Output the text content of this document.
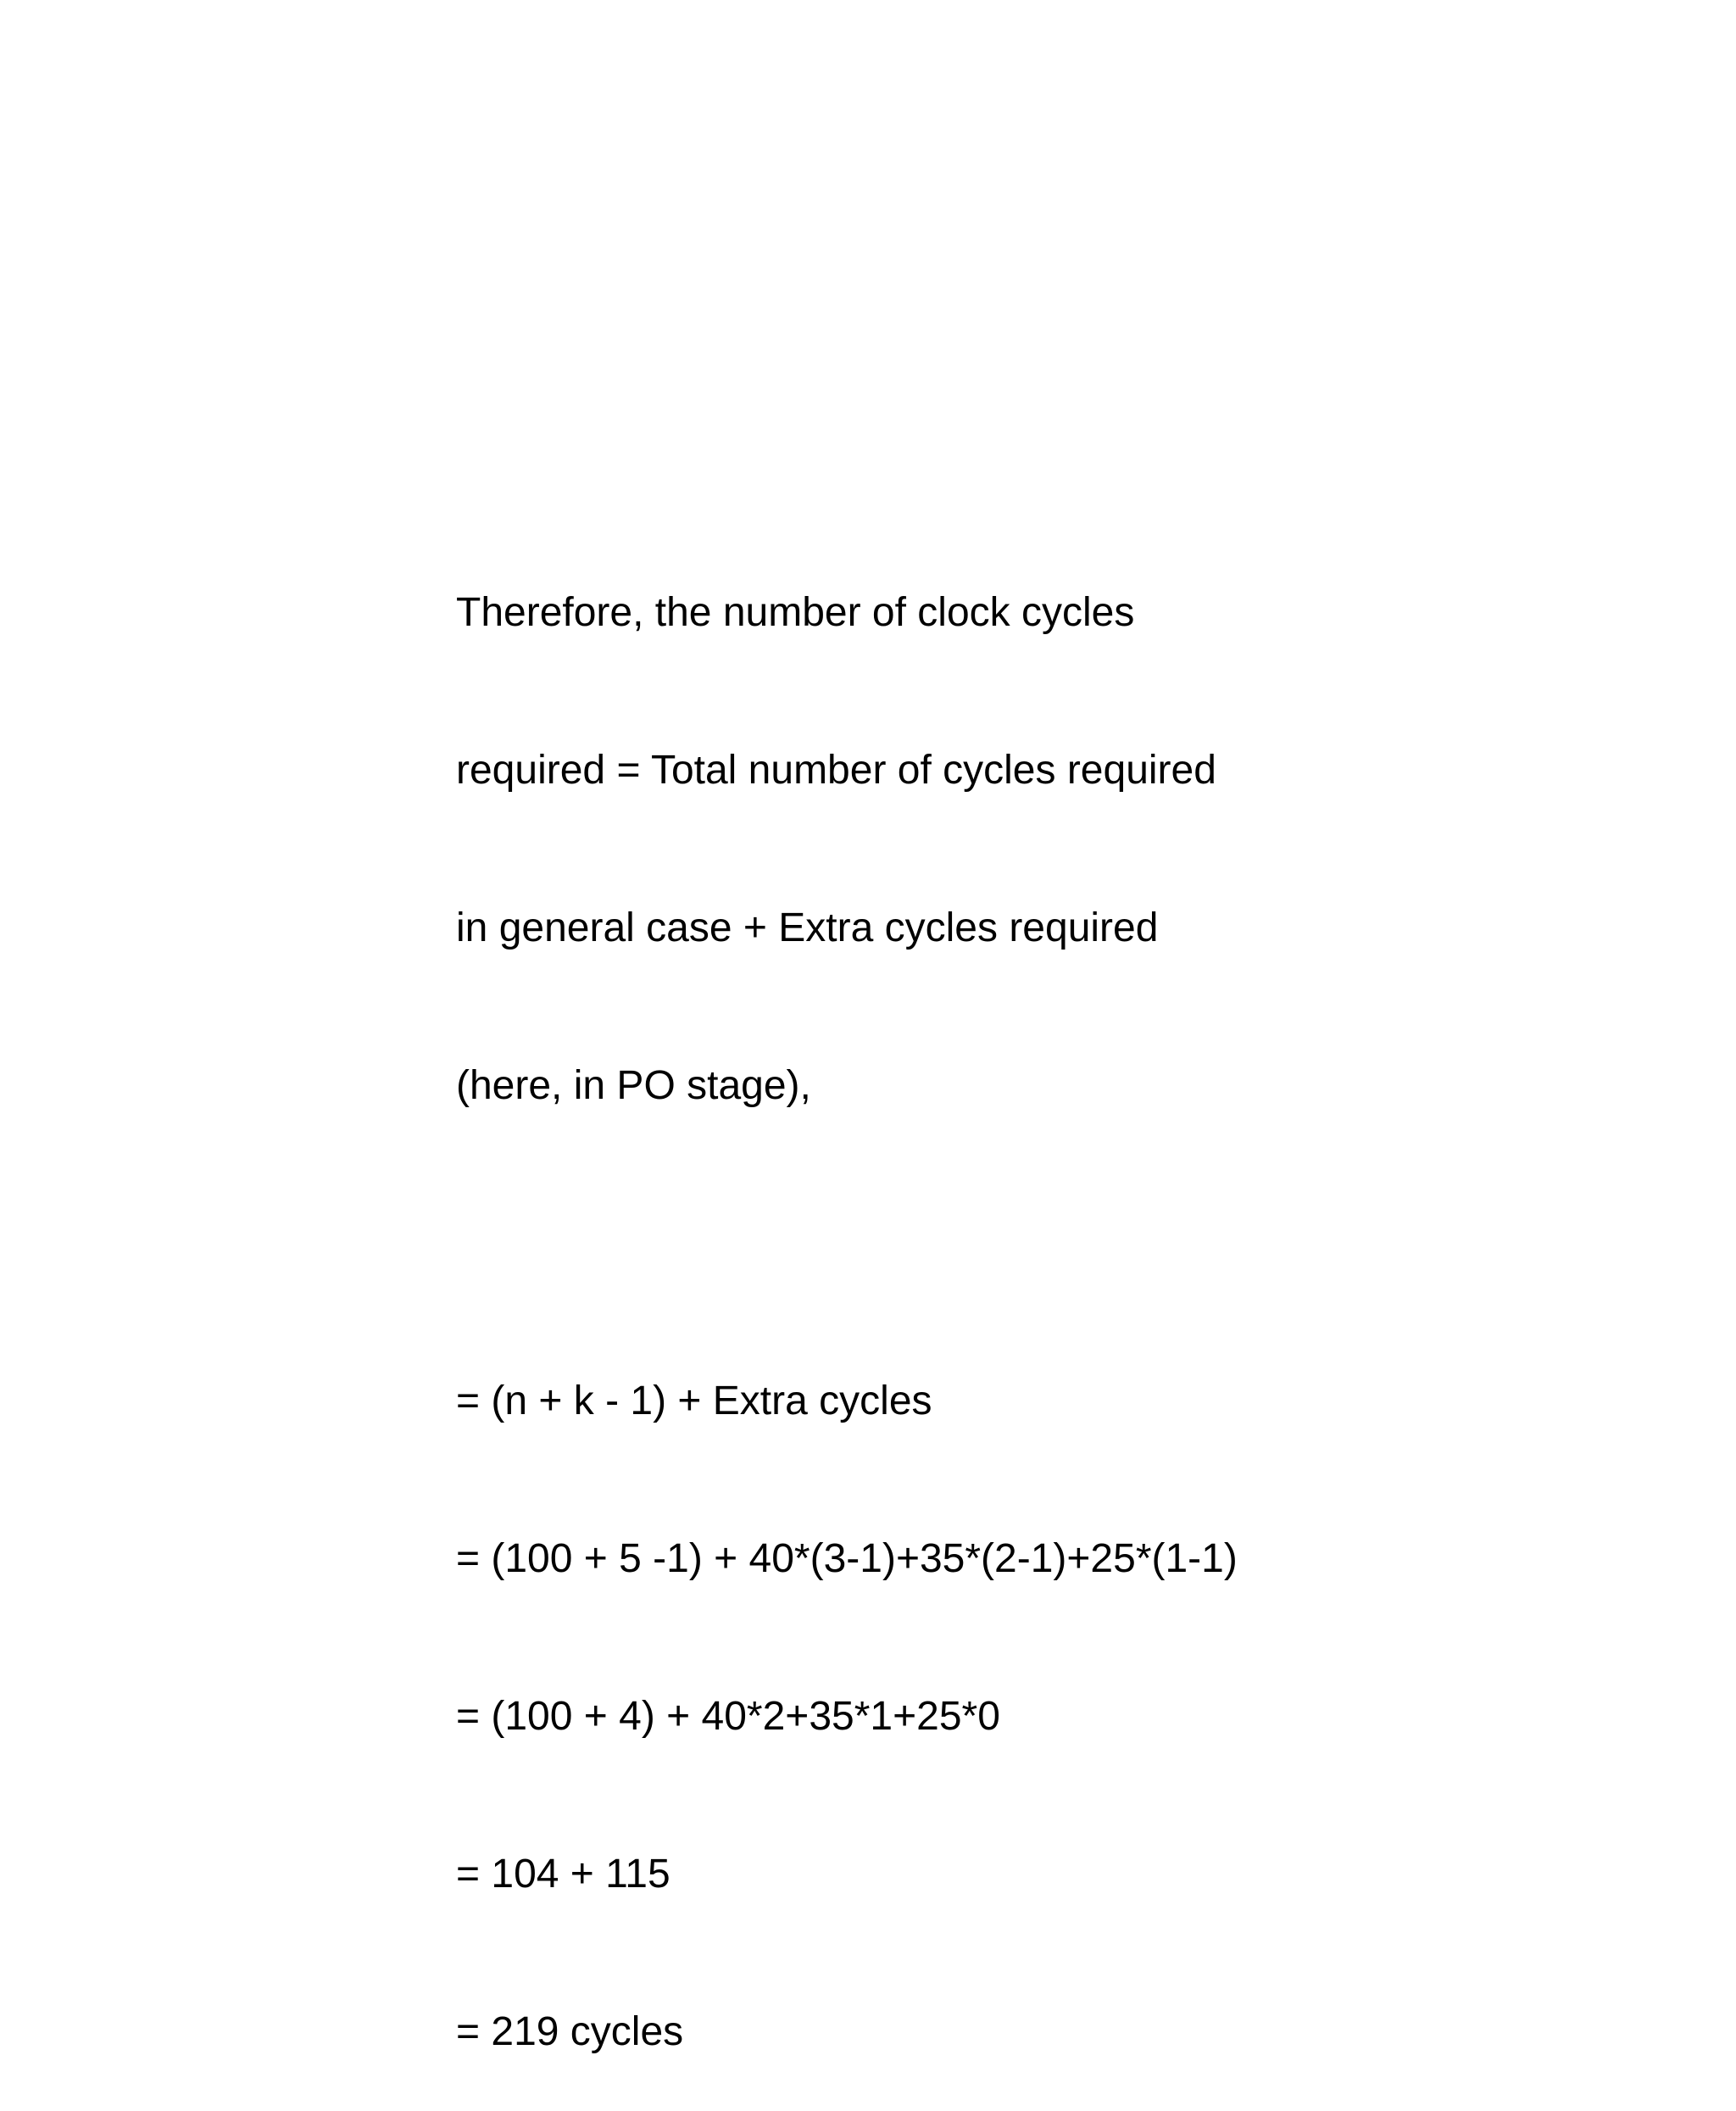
Therefore, the number of clock cycles

required = Total number of cycles required

in general case + Extra cycles required

(here, in PO stage),

= (n + k - 1) + Extra cycles

= (100 + 5 -1) + 40*(3-1)+35*(2-1)+25*(1-1)

= (100 + 4) + 40*2+35*1+25*0

= 104 + 115

= 219 cycles
